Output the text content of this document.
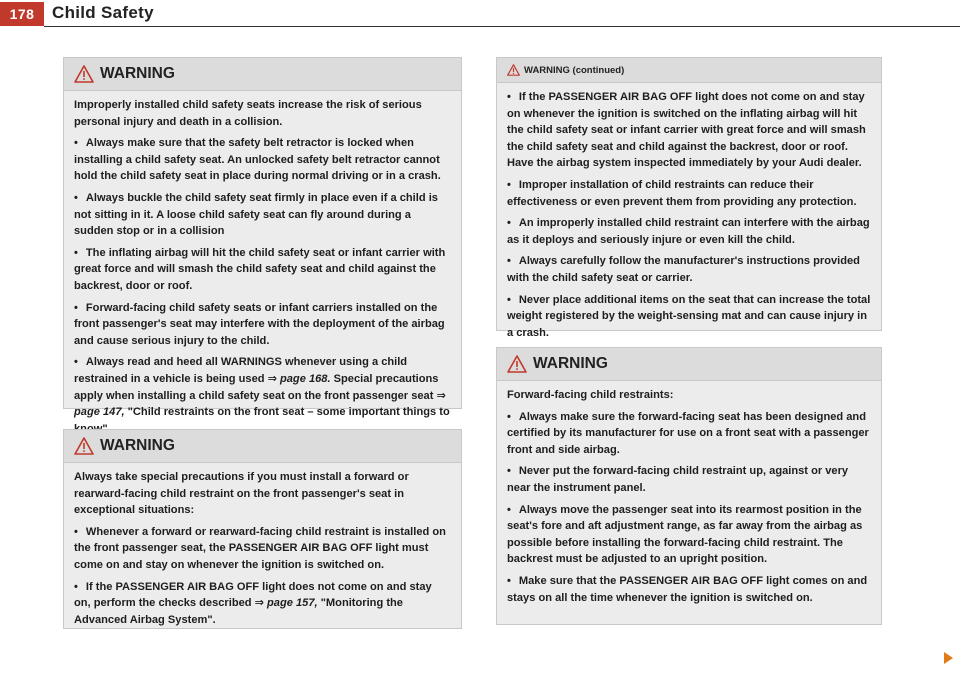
178	Child Safety
WARNING

Improperly installed child safety seats increase the risk of serious personal injury and death in a collision.

• Always make sure that the safety belt retractor is locked when installing a child safety seat. An unlocked safety belt retractor cannot hold the child safety seat in place during normal driving or in a crash.

• Always buckle the child safety seat firmly in place even if a child is not sitting in it. A loose child safety seat can fly around during a sudden stop or in a collision

• The inflating airbag will hit the child safety seat or infant carrier with great force and will smash the child safety seat and child against the backrest, door or roof.

• Forward-facing child safety seats or infant carriers installed on the front passenger's seat may interfere with the deployment of the airbag and cause serious injury to the child.

• Always read and heed all WARNINGS whenever using a child restrained in a vehicle is being used ⇒ page 168. Special precautions apply when installing a child safety seat on the front passenger seat ⇒ page 147, "Child restraints on the front seat – some important things to

WARNING

Always take special precautions if you must install a forward or rearward-facing child restraint on the front passenger's seat in exceptional situations:

• Whenever a forward or rearward-facing child restraint is installed on the front passenger seat, the PASSENGER AIR BAG OFF light must come on and stay on whenever the ignition is switched on.

• If the PASSENGER AIR BAG OFF light does not come on and stay on, perform the checks described ⇒ page 157, "Monitoring the Advanced Airbag System".

WARNING (continued)

• If the PASSENGER AIR BAG OFF light does not come on and stay on whenever the ignition is switched on the inflating airbag will hit the child safety seat or infant carrier with great force and will smash the child safety seat and child against the backrest, door or roof. Have the airbag system inspected immediately by your Audi dealer.

• Improper installation of child restraints can reduce their effectiveness or even prevent them from providing any protection.

• An improperly installed child restraint can interfere with the airbag as it deploys and seriously injure or even kill the child.

• Always carefully follow the manufacturer's instructions provided with the child safety seat or carrier.

• Never place additional items on the seat that can increase the total weight registered by the weight-sensing mat and can cause injury in a crash.

WARNING

Forward-facing child restraints:

• Always make sure the forward-facing seat has been designed and certified by its manufacturer for use on a front seat with a passenger front and side airbag.

• Never put the forward-facing child restraint up, against or very near the instrument panel.

• Always move the passenger seat into its rearmost position in the seat's fore and aft adjustment range, as far away from the airbag as possible before installing the forward-facing child restraint. The backrest must be adjusted to an upright position.

• Make sure that the PASSENGER AIR BAG OFF light comes on and stays on all the time whenever the ignition is switched on.
